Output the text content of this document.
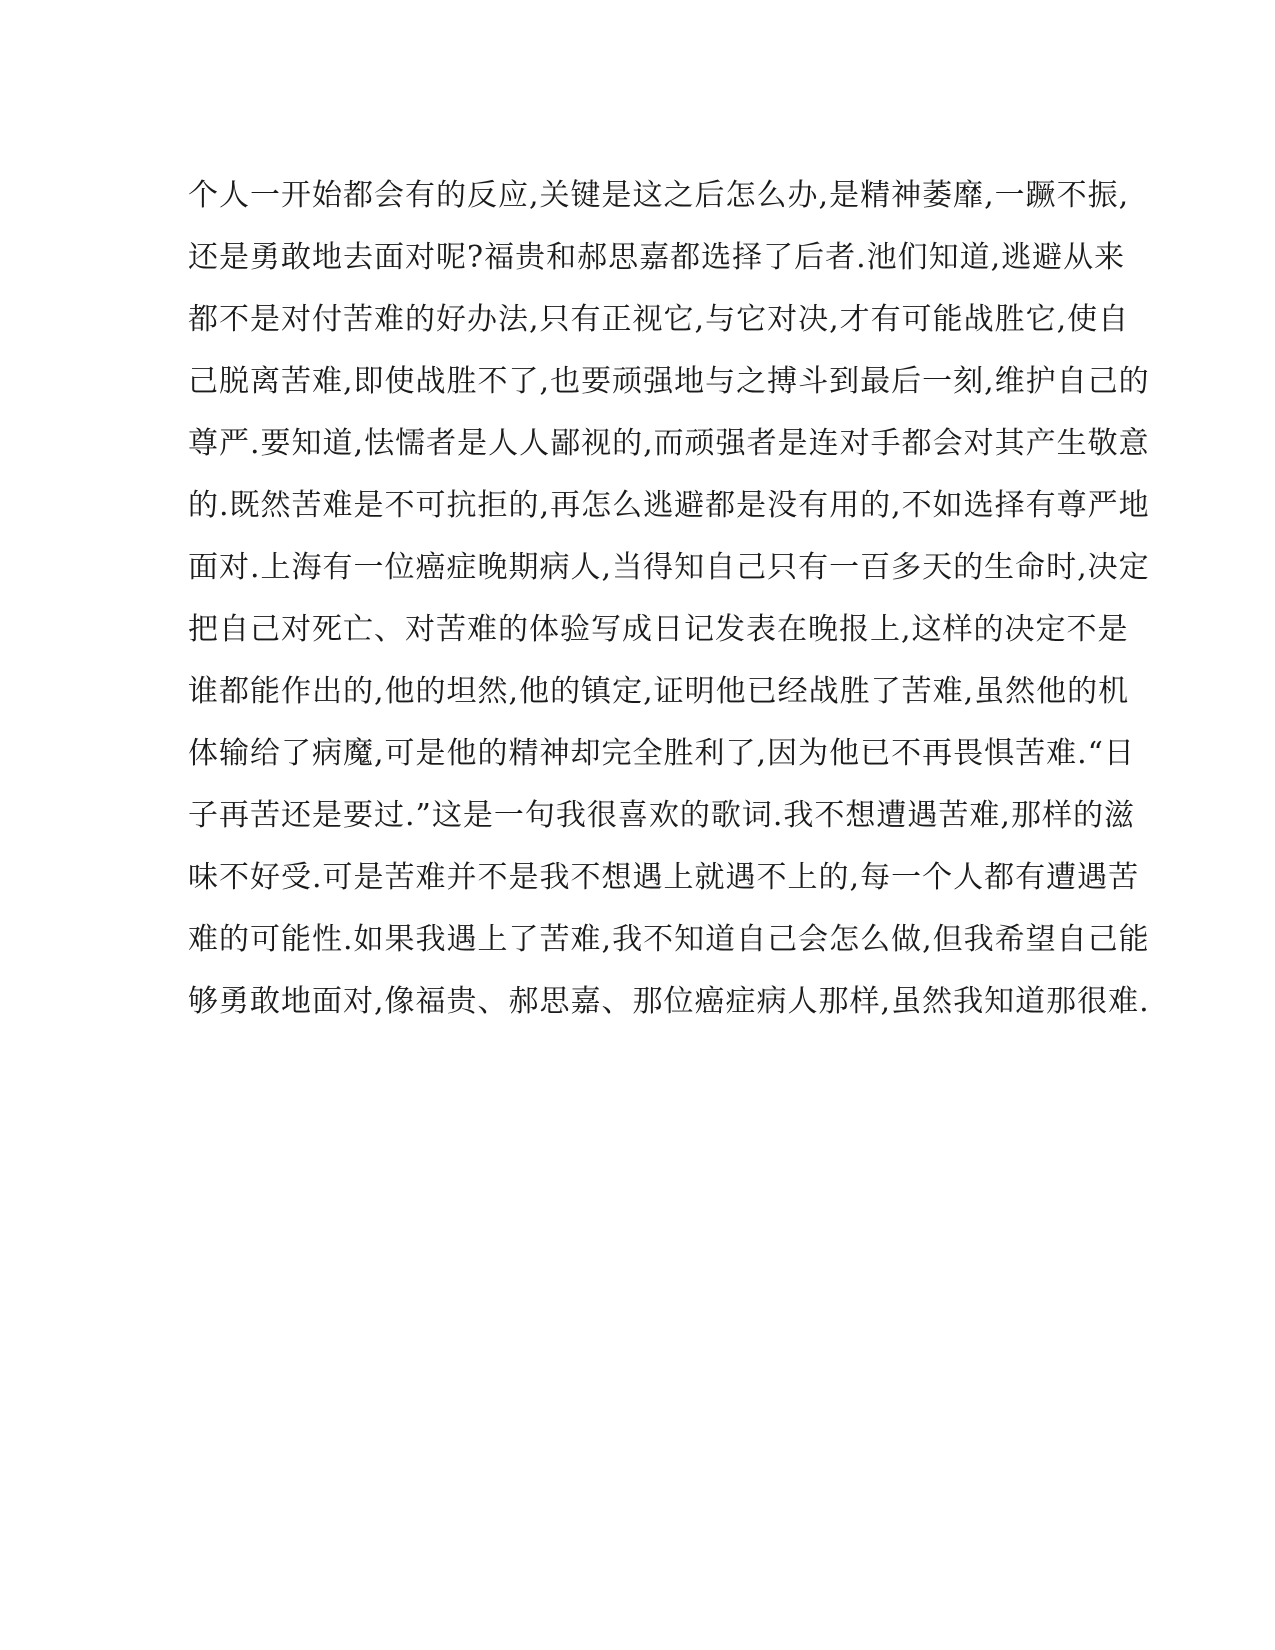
个人一开始都会有的反应,关键是这之后怎么办,是精神萎靡,一蹶不振,
还是勇敢地去面对呢?福贵和郝思嘉都选择了后者.池们知道,逃避从来
都不是对付苦难的好办法,只有正视它,与它对决,才有可能战胜它,使自
己脱离苦难,即使战胜不了,也要顽强地与之搏斗到最后一刻,维护自己的
尊严.要知道,怯懦者是人人鄙视的,而顽强者是连对手都会对其产生敬意
的.既然苦难是不可抗拒的,再怎么逃避都是没有用的,不如选择有尊严地
面对.上海有一位癌症晚期病人,当得知自己只有一百多天的生命时,决定
把自己对死亡、对苦难的体验写成日记发表在晚报上,这样的决定不是
谁都能作出的,他的坦然,他的镇定,证明他已经战胜了苦难,虽然他的机
体输给了病魔,可是他的精神却完全胜利了,因为他已不再畏惧苦难.“日
子再苦还是要过.”这是一句我很喜欢的歌词.我不想遭遇苦难,那样的滋
味不好受.可是苦难并不是我不想遇上就遇不上的,每一个人都有遭遇苦
难的可能性.如果我遇上了苦难,我不知道自己会怎么做,但我希望自己能
够勇敢地面对,像福贵、郝思嘉、那位癌症病人那样,虽然我知道那很难.
